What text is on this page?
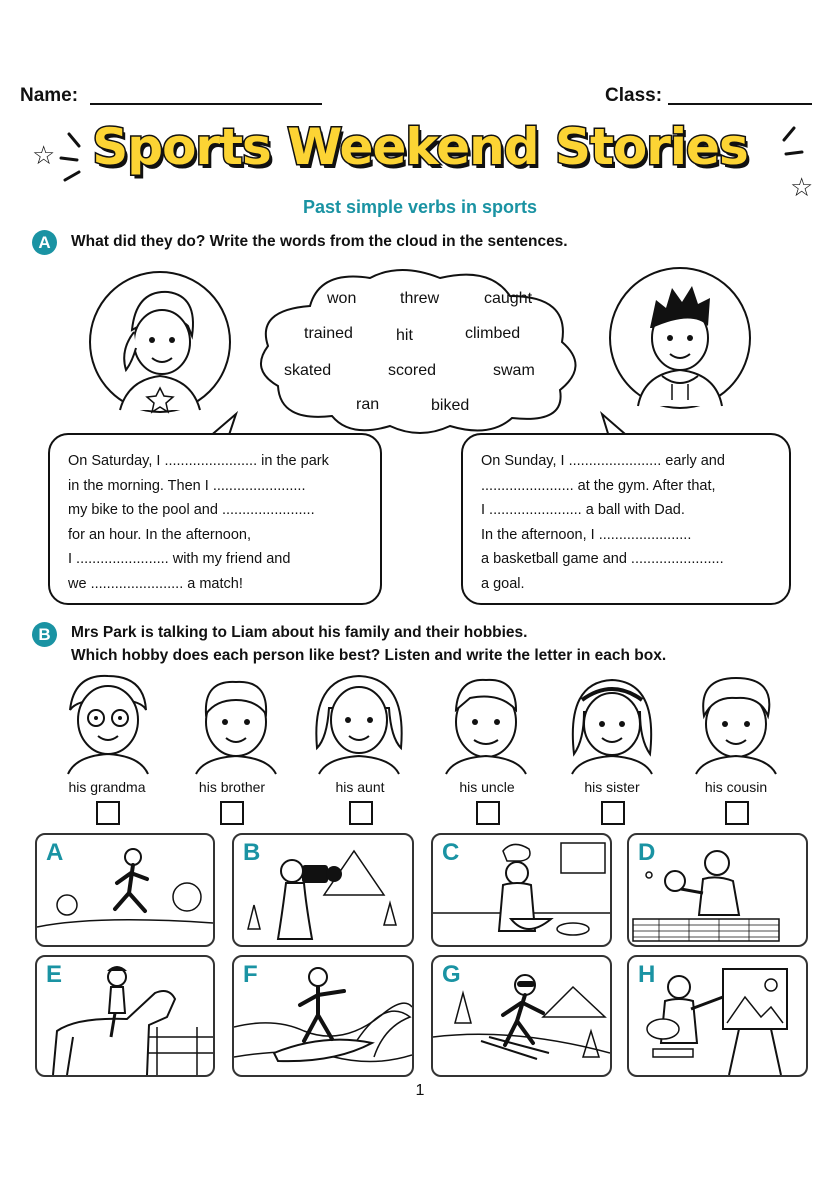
Name:	Class:
☆
☆
Sports Weekend Stories
Past simple verbs in sports
A	What did they do? Write the words from the cloud in the sentences.
won	threw	caught
trained	hit	climbed
skated	scored	swam
ran	biked
On Saturday, I ....................... in the park
in the morning. Then I .......................
my bike to the pool and .......................
for an hour. In the afternoon,
I ....................... with my friend and
we ....................... a match!
On Sunday, I ....................... early and
....................... at the gym. After that,
I ....................... a ball with Dad.
In the afternoon, I .......................
a basketball game and .......................
a goal.
B	Mrs Park is talking to Liam about his family and their hobbies.
Which hobby does each person like best? Listen and write the letter in each box.
his grandma	his brother	his aunt	his uncle	his sister	his cousin
A	B	C	D
E	F	G	H
1
